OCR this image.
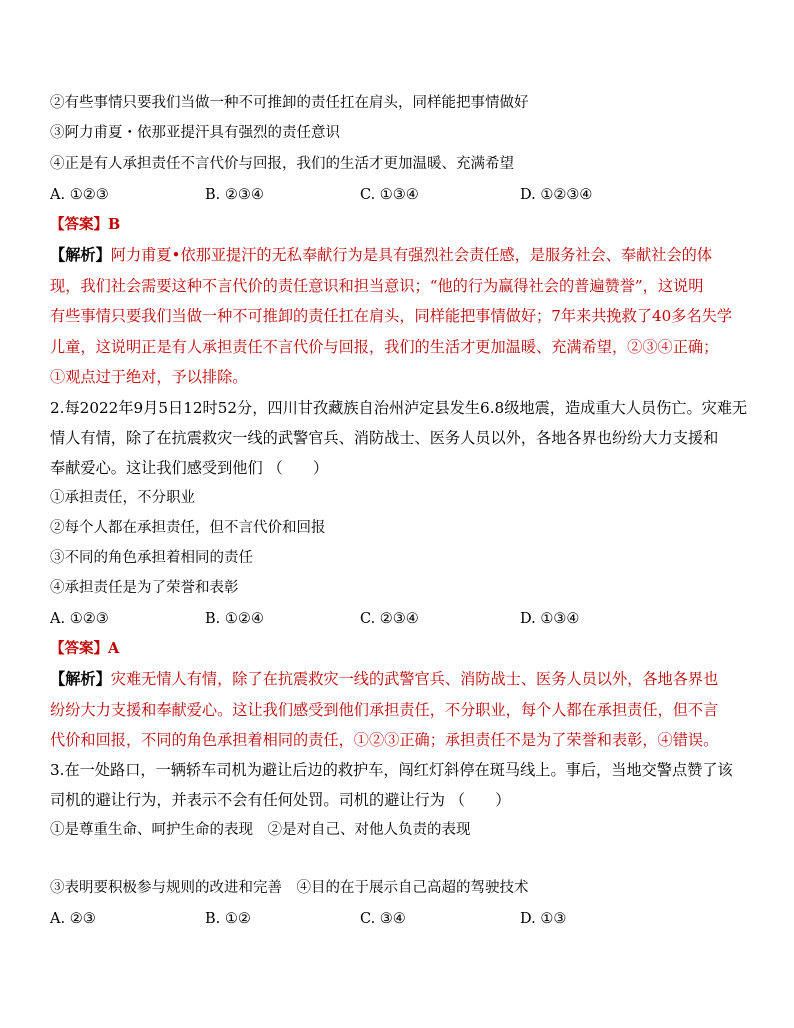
②有些事情只要我们当做一种不可推卸的责任扛在肩头，同样能把事情做好
③阿力甫夏・依那亚提汗具有强烈的责任意识
④正是有人承担责任不言代价与回报，我们的生活才更加温暖、充满希望
A. ①②③	B. ②③④	C. ①③④	D. ①②③④
【答案】B
【解析】阿力甫夏•依那亚提汗的无私奉献行为是具有强烈社会责任感，是服务社会、奉献社会的体
现，我们社会需要这种不言代价的责任意识和担当意识；“他的行为赢得社会的普遍赞誉”，这说明
有些事情只要我们当做一种不可推卸的责任扛在肩头，同样能把事情做好；7年来共挽救了40多名失学
儿童，这说明正是有人承担责任不言代价与回报，我们的生活才更加温暖、充满希望，②③④正确；
①观点过于绝对，予以排除。
2.每2022年9月5日12时52分，四川甘孜藏族自治州泸定县发生6.8级地震，造成重大人员伤亡。灾难无
情人有情，除了在抗震救灾一线的武警官兵、消防战士、医务人员以外，各地各界也纷纷大力支援和
奉献爱心。这让我们感受到他们 （　　）
①承担责任，不分职业
②每个人都在承担责任，但不言代价和回报
③不同的角色承担着相同的责任
④承担责任是为了荣誉和表彰
A. ①②③	B. ①②④	C. ②③④	D. ①③④
【答案】A
【解析】灾难无情人有情，除了在抗震救灾一线的武警官兵、消防战士、医务人员以外，各地各界也
纷纷大力支援和奉献爱心。这让我们感受到他们承担责任，不分职业，每个人都在承担责任，但不言
代价和回报，不同的角色承担着相同的责任，①②③正确；承担责任不是为了荣誉和表彰，④错误。
3.在一处路口，一辆轿车司机为避让后边的救护车，闯红灯斜停在斑马线上。事后，当地交警点赞了该
司机的避让行为，并表示不会有任何处罚。司机的避让行为 （　　）
①是尊重生命、呵护生命的表现　②是对自己、对他人负责的表现
③表明要积极参与规则的改进和完善　④目的在于展示自己高超的驾驶技术
A. ②③	B. ①②	C. ③④	D. ①③
